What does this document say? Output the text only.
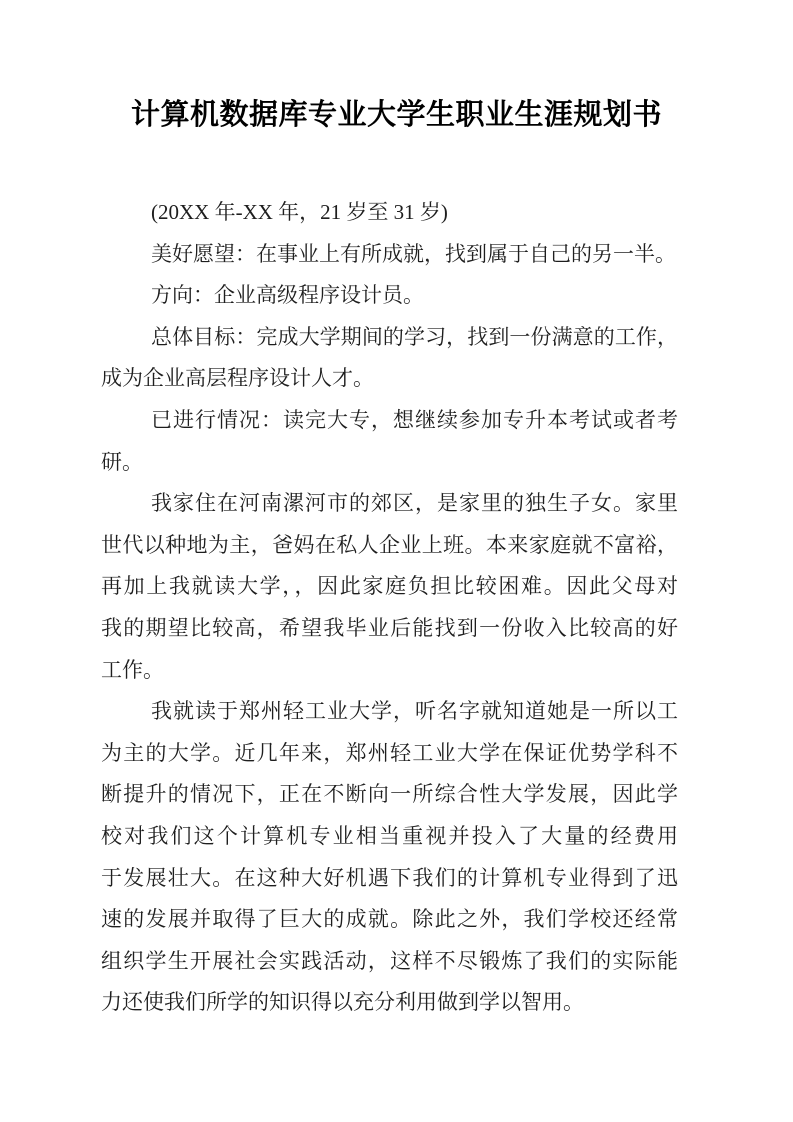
计算机数据库专业大学生职业生涯规划书
(20XX 年-XX 年，21 岁至 31 岁)
美好愿望：在事业上有所成就，找到属于自己的另一半。
方向：企业高级程序设计员。
总体目标：完成大学期间的学习，找到一份满意的工作，
成为企业高层程序设计人才。
已进行情况：读完大专，想继续参加专升本考试或者考
研。
我家住在河南漯河市的郊区，是家里的独生子女。家里
世代以种地为主，爸妈在私人企业上班。本来家庭就不富裕，
再加上我就读大学，，因此家庭负担比较困难。因此父母对
我的期望比较高，希望我毕业后能找到一份收入比较高的好
工作。
我就读于郑州轻工业大学，听名字就知道她是一所以工
为主的大学。近几年来，郑州轻工业大学在保证优势学科不
断提升的情况下，正在不断向一所综合性大学发展，因此学
校对我们这个计算机专业相当重视并投入了大量的经费用
于发展壮大。在这种大好机遇下我们的计算机专业得到了迅
速的发展并取得了巨大的成就。除此之外，我们学校还经常
组织学生开展社会实践活动，这样不尽锻炼了我们的实际能
力还使我们所学的知识得以充分利用做到学以智用。
